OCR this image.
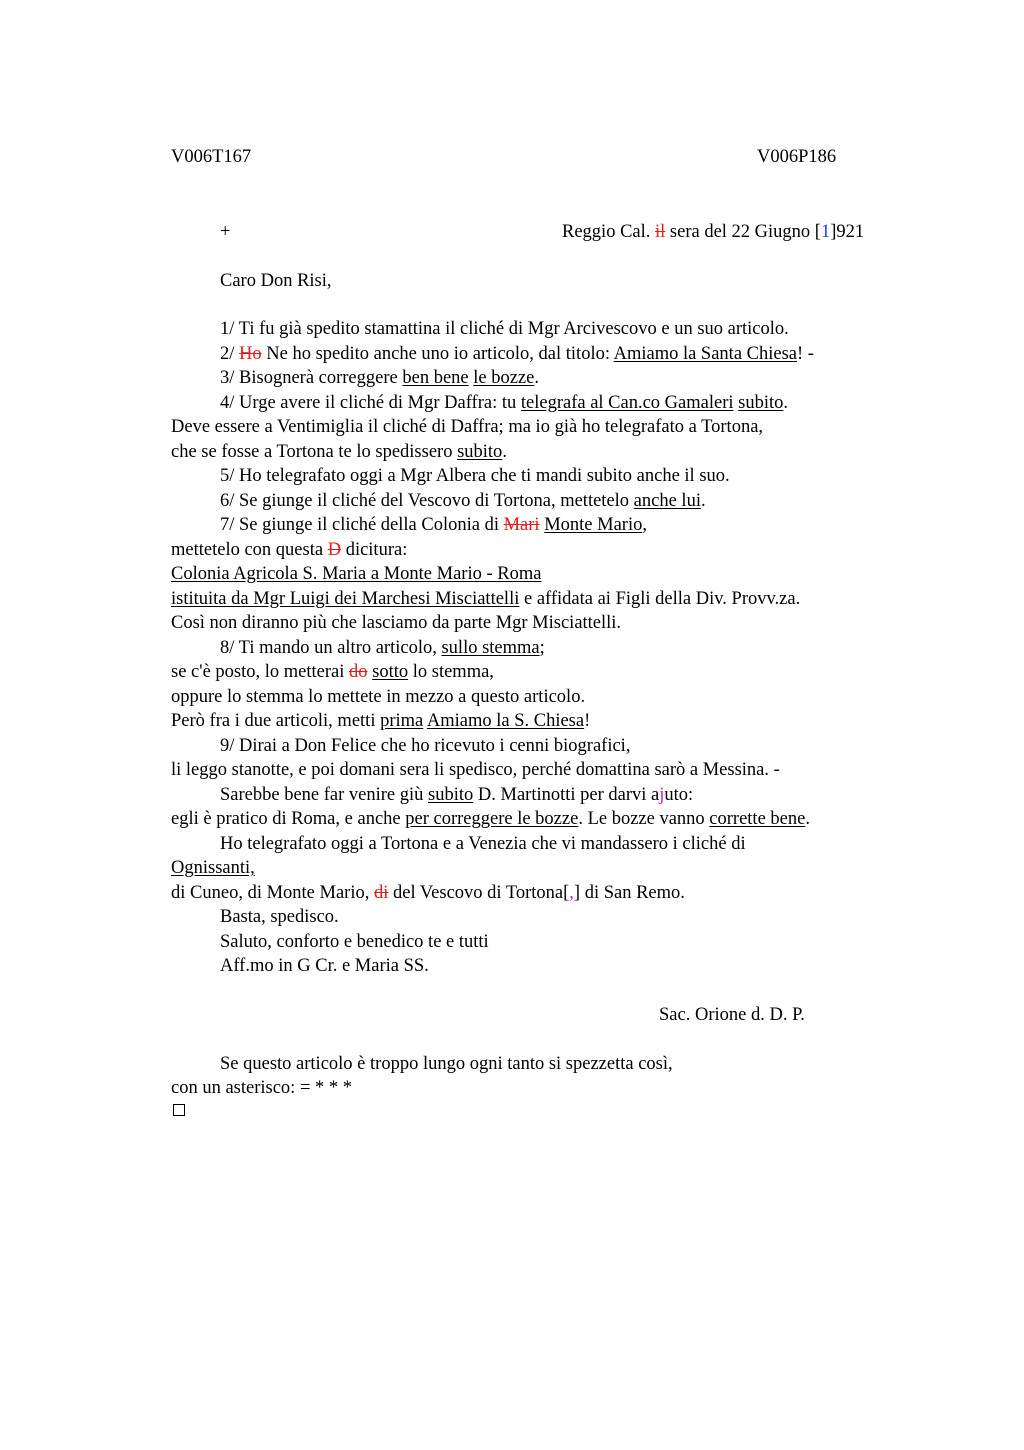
V006T167	V006P186
+	Reggio Cal. il sera del 22 Giugno [1]921
Caro Don Risi,
1/ Ti fu già spedito stamattina il cliché di Mgr Arcivescovo e un suo articolo.
2/ Ho Ne ho spedito anche uno io articolo, dal titolo: Amiamo la Santa Chiesa! -
3/ Bisognerà correggere ben bene le bozze.
4/ Urge avere il cliché di Mgr Daffra: tu telegrafa al Can.co Gamaleri subito.
Deve essere a Ventimiglia il cliché di Daffra; ma io già ho telegrafato a Tortona,
che se fosse a Tortona te lo spedissero subito.
5/ Ho telegrafato oggi a Mgr Albera che ti mandi subito anche il suo.
6/ Se giunge il cliché del Vescovo di Tortona, mettetelo anche lui.
7/ Se giunge il cliché della Colonia di Mari Monte Mario,
mettetelo con questa D dicitura:
Colonia Agricola S. Maria a Monte Mario - Roma
istituita da Mgr Luigi dei Marchesi Misciattelli e affidata ai Figli della Div. Provv.za.
Così non diranno più che lasciamo da parte Mgr Misciattelli.
8/ Ti mando un altro articolo, sullo stemma;
se c'è posto, lo metterai do sotto lo stemma,
oppure lo stemma lo mettete in mezzo a questo articolo.
Però fra i due articoli, metti prima Amiamo la S. Chiesa!
9/ Dirai a Don Felice che ho ricevuto i cenni biografici,
li leggo stanotte, e poi domani sera li spedisco, perché domattina sarò a Messina. -
Sarebbe bene far venire giù subito D. Martinotti per darvi ajuto:
egli è pratico di Roma, e anche per correggere le bozze. Le bozze vanno corrette bene.
Ho telegrafato oggi a Tortona e a Venezia che vi mandassero i cliché di
Ognissanti,
di Cuneo, di Monte Mario, di del Vescovo di Tortona[,] di San Remo.
Basta, spedisco.
Saluto, conforto e benedico te e tutti
Aff.mo in G Cr. e Maria SS.
Sac. Orione d. D. P.
Se questo articolo è troppo lungo ogni tanto si spezzetta così,
con un asterisco: = * * *
